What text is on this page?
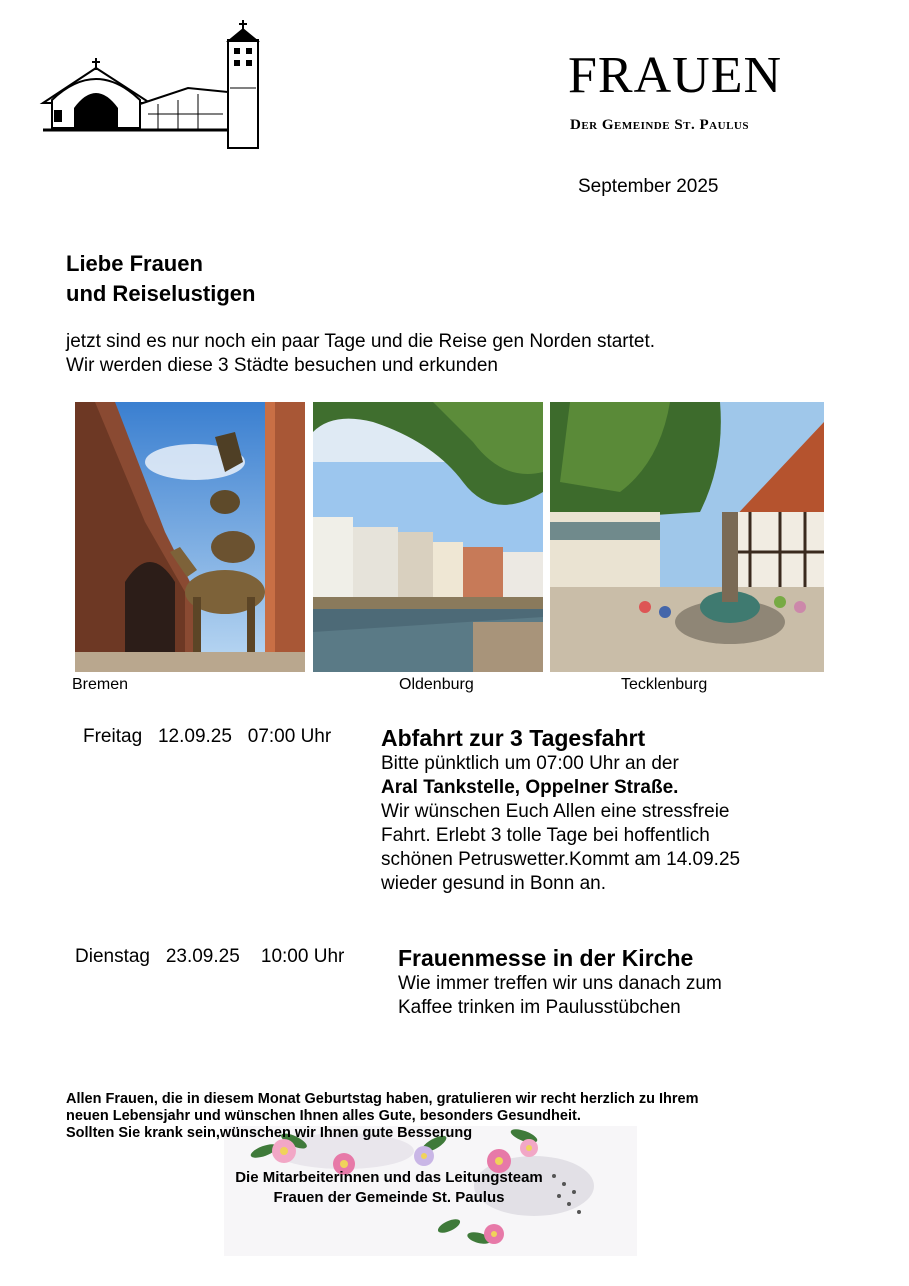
FRAUEN
Der Gemeinde St. Paulus
September 2025
Liebe Frauen
und Reiselustigen
jetzt sind es nur noch ein paar Tage und die Reise gen Norden startet.
Wir werden diese 3 Städte besuchen und erkunden
Bremen	Oldenburg	Tecklenburg
Freitag   12.09.25   07:00 Uhr Abfahrt zur 3 Tagesfahrt
Bitte pünktlich um 07:00 Uhr an der
Aral Tankstelle, Oppelner Straße.
Wir wünschen Euch Allen eine stressfreie
Fahrt. Erlebt 3 tolle Tage bei hoffentlich
schönen Petruswetter.Kommt am 14.09.25
wieder gesund in Bonn an.
Dienstag   23.09.25    10:00 Uhr Frauenmesse in der Kirche
Wie immer treffen wir uns danach zum
Kaffee trinken im Paulusstübchen
Allen Frauen, die in diesem Monat Geburtstag haben, gratulieren wir recht herzlich zu Ihrem
neuen Lebensjahr und wünschen Ihnen alles Gute, besonders Gesundheit.
Sollten Sie krank sein,wünschen wir Ihnen gute Besserung
Die Mitarbeiterinnen und das Leitungsteam
Frauen der Gemeinde St. Paulus
